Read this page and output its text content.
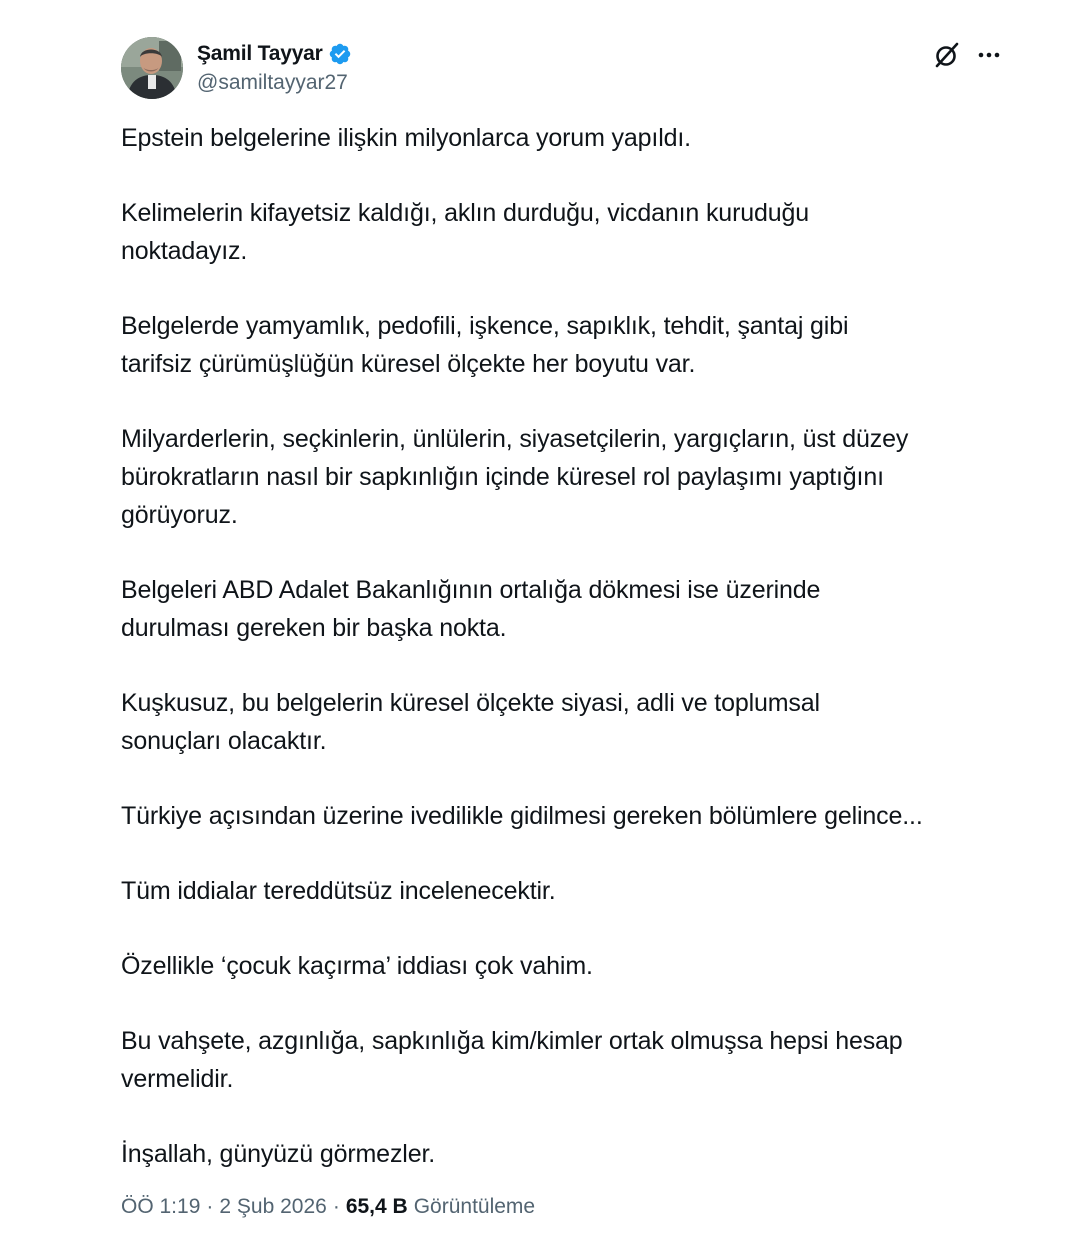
Şamil Tayyar
@samiltayyar27

Epstein belgelerine ilişkin milyonlarca yorum yapıldı.

Kelimelerin kifayetsiz kaldığı, aklın durduğu, vicdanın kuruduğu
noktadayız.

Belgelerde yamyamlık, pedofili, işkence, sapıklık, tehdit, şantaj gibi
tarifsiz çürümüşlüğün küresel ölçekte her boyutu var.

Milyarderlerin, seçkinlerin, ünlülerin, siyasetçilerin, yargıçların, üst düzey
bürokratların nasıl bir sapkınlığın içinde küresel rol paylaşımı yaptığını
görüyoruz.

Belgeleri ABD Adalet Bakanlığının ortalığa dökmesi ise üzerinde
durulması gereken bir başka nokta.

Kuşkusuz, bu belgelerin küresel ölçekte siyasi, adli ve toplumsal
sonuçları olacaktır.

Türkiye açısından üzerine ivedilikle gidilmesi gereken bölümlere gelince...

Tüm iddialar tereddütsüz incelenecektir.

Özellikle ‘çocuk kaçırma’ iddiası çok vahim.

Bu vahşete, azgınlığa, sapkınlığa kim/kimler ortak olmuşsa hepsi hesap
vermelidir.

İnşallah, günyüzü görmezler.

ÖÖ 1:19 · 2 Şub 2026 · 65,4 B Görüntüleme
